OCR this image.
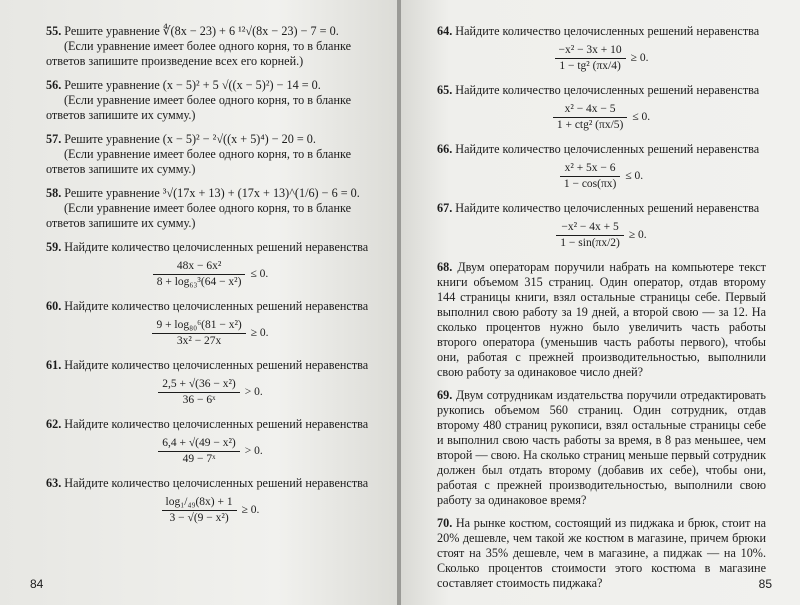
55. Решите уравнение ∜(8x − 23) + 6 ¹²√(8x − 23) − 7 = 0.
(Если уравнение имеет более одного корня, то в бланке ответов запишите произведение всех его корней.)
56. Решите уравнение (x − 5)² + 5 √((x − 5)²) − 14 = 0.
(Если уравнение имеет более одного корня, то в бланке ответов запишите их сумму.)
57. Решите уравнение (x − 5)² − ²√((x + 5)⁴) − 20 = 0.
(Если уравнение имеет более одного корня, то в бланке ответов запишите их сумму.)
58. Решите уравнение ³√(17x + 13) + (17x + 13)^(1/6) − 6 = 0.
(Если уравнение имеет более одного корня, то в бланке ответов запишите их сумму.)
59. Найдите количество целочисленных решений неравенства
$\frac{\text{48x − 6x²}}{\text{8 + log₆₃³(64 − x²)}} \le 0$.
60. Найдите количество целочисленных решений неравенства
$\frac{\text{9 + log₈₀⁶(81 − x²)}}{\text{3x² − 27x}} \ge 0$.
61. Найдите количество целочисленных решений неравенства
$\frac{\text{2,5 + √(36 − x²)}}{\text{36 − 6ˣ}} > 0$.
62. Найдите количество целочисленных решений неравенства
$\frac{\text{6,4 + √(49 − x²)}}{\text{49 − 7ˣ}} > 0$.
63. Найдите количество целочисленных решений неравенства
$\frac{\text{log₁/₄₉(8x) + 1}}{\text{3 − √(9 − x²)}} \ge 0$.
84
64. Найдите количество целочисленных решений неравенства
$\frac{\text{−x² − 3x + 10}}{\text{1 − tg² (πx/4)}} \ge 0$.
65. Найдите количество целочисленных решений неравенства
$\frac{\text{x² − 4x − 5}}{\text{1 + ctg² (πx/5)}} \le 0$.
66. Найдите количество целочисленных решений неравенства
$\frac{\text{x² + 5x − 6}}{1 - \cos(\pi x)} \le 0$.
67. Найдите количество целочисленных решений неравенства
$\frac{\text{−x² − 4x + 5}}{1 - \sin(\pi x/2)} \ge 0$.
68. Двум операторам поручили набрать на компьютере текст книги объемом 315 страниц. Один оператор, отдав второму 144 страницы книги, взял остальные страницы себе. Первый выполнил свою работу за 19 дней, а второй свою — за 12. На сколько процентов нужно было увеличить часть работы второго оператора (уменьшив часть работы первого), чтобы они, работая с прежней производительностью, выполнили свою работу за одинаковое число дней?
69. Двум сотрудникам издательства поручили отредактировать рукопись объемом 560 страниц. Один сотрудник, отдав второму 480 страниц рукописи, взял остальные страницы себе и выполнил свою часть работы за время, в 8 раз меньшее, чем второй — свою. На сколько страниц меньше первый сотрудник должен был отдать второму (добавив их себе), чтобы они, работая с прежней производительностью, выполнили свою работу за одинаковое время?
70. На рынке костюм, состоящий из пиджака и брюк, стоит на 20% дешевле, чем такой же костюм в магазине, причем брюки стоят на 35% дешевле, чем в магазине, а пиджак — на 10%. Сколько процентов стоимости этого костюма в магазине составляет стоимость пиджака?	85
